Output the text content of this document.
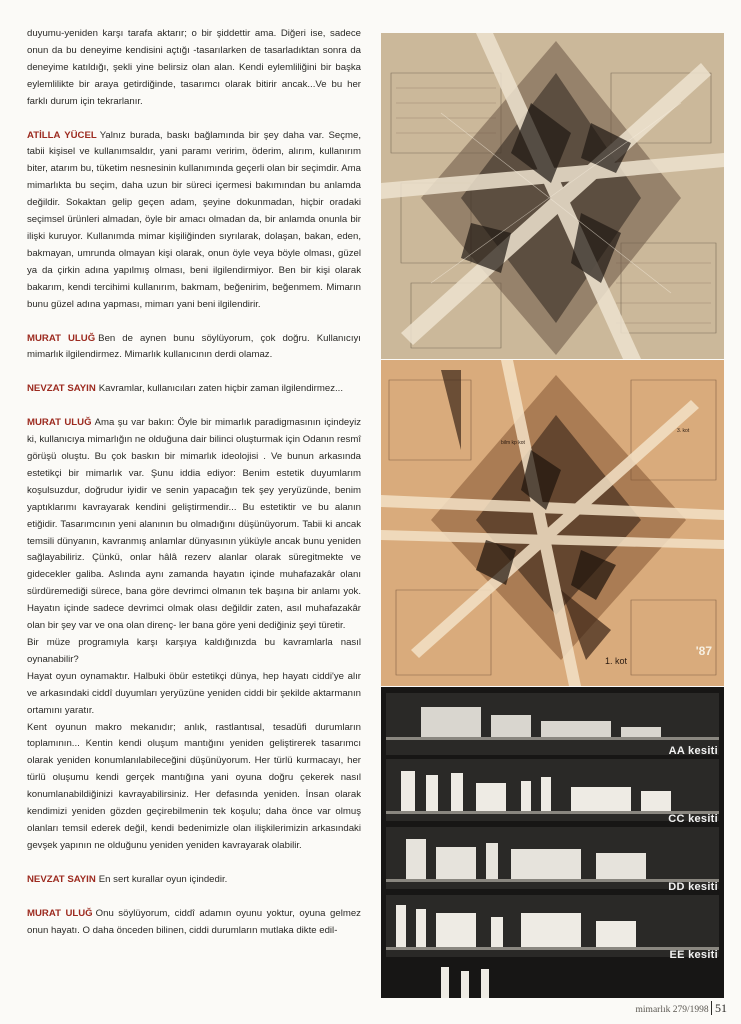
duyumu-yeniden karşı tarafa aktarır; o bir şiddettir ama. Diğeri ise, sadece onun da bu deneyime kendisini açtığı -tasarılarken de tasarladıktan sonra da deneyime katıldığı, şekli yine belirsiz olan alan. Kendi eylemliliğini bir başka eylemlilikte bir araya getirdiğinde, tasarımcı olarak bitirir ancak...Ve bu her farklı durum için tekrarlanır.

ATİLLA YÜCEL Yalnız burada, baskı bağlamında bir şey daha var. Seçme, tabii kişisel ve kullanımsaldır, yani paramı veririm, öderim, alırım, kullanırım biter, atarım bu, tüketim nesnesinin kullanımında geçerli olan bir seçimdir. Ama mimarlıkta bu seçim, daha uzun bir süreci içermesi bakımından bu anlamda değildir. Sokaktan gelip geçen adam, şeyine dokunmadan, hiçbir oradaki seçimsel ürünleri almadan, öyle bir amacı olmadan da, bir anlamda onunla bir ilişki kuruyor. Kullanımda mimar kişiliğinden sıyrılarak, dolaşan, bakan, eden, bakmayan, umrunda olmayan kişi olarak, onun öyle veya böyle olması, güzel ya da çirkin adına yapılmış olması, beni ilgilendirmiyor. Ben bir kişi olarak bakarım, kendi tercihimi kullanırım, bakmam, beğenirim, beğenmem. Mimarın bunu güzel adına yapması, mimarı yani beni ilgilendirir.

MURAT ULUĞ Ben de aynen bunu söylüyorum, çok doğru. Kullanıcıyı mimarlık ilgilendirmez. Mimarlık kullanıcının derdi olamaz.

NEVZAT SAYIN Kavramlar, kullanıcıları zaten hiçbir zaman ilgilendirmez...

MURAT ULUĞ Ama şu var bakın: Öyle bir mimarlık paradigmasının içindeyiz ki, kullanıcıya mimarlığın ne olduğuna dair bilinci oluşturmak için Odanın resmî görüşü oluştu. Bu çok baskın bir mimarlık ideolojisi . Ve bunun arkasında estetikçi bir mimarlık var. Şunu iddia ediyor: Benim estetik duyumlarım koşulsuzdur, doğrudur iyidir ve senin yapacağın tek şey yeryüzünde, benim yaptıklarımı kavrayarak kendini geliştirmendir... Bu estetiktir ve bu alanın etiğidir. Tasarımcının yeni alanının bu olmadığını düşünüyorum. Tabii ki ancak temsili dünyanın, kavranmış anlamlar dünyasının yüküyle ancak bunu yeniden sağlayabiliriz. Çünkü, onlar hâlâ rezerv alanlar olarak süregitmekte ve gidecekler galiba. Aslında aynı zamanda hayatın içinde muhafazakâr olanı sürdüremediği sürece, bana göre devrimci olmanın tek başına bir anlamı yok. Hayatın içinde sadece devrimci olmak olası değildir zaten, asıl muhafazakâr olan bir şey var ve ona olan direnç- ler bana göre yeni dediğiniz şeyi türetir.

Bir müze programıyla karşı karşıya kaldığınızda bu kavramlarla nasıl oynanabilir?

Hayat oyun oynamaktır. Halbuki öbür estetikçi dünya, hep hayatı ciddi'ye alır ve arkasındaki ciddî duyumları yeryüzüne yeniden ciddi bir şekilde aktarmanın ortamını yaratır.

Kent oyunun makro mekanıdır; anlık, rastlantısal, tesadüfi durumların toplamının... Kentin kendi oluşum mantığını yeniden geliştirerek tasarımcı olarak yeniden konumlanılabileceğini düşünüyorum. Her türlü kurmacayı, her türlü oluşumu kendi gerçek mantığına yani oyuna doğru çekerek nasıl konumlanabildiğinizi kavrayabilirsiniz. Her defasında yeniden. İnsan olarak kendimizi yeniden gözden geçirebilmenin tek koşulu; daha önce var olmuş olanları temsil ederek değil, kendi bedenimizle olan ilişkilerimizin arkasındaki gevşek yapının ne olduğunu yeniden yeniden kavrayarak olabilir.

NEVZAT SAYIN En sert kurallar oyun içindedir.

MURAT ULUĞ Onu söylüyorum, ciddî adamın oyunu yoktur, oyuna gelmez onun hayatı. O daha önceden bilinen, ciddi durumların mutlaka dikte edil-

1. kot
bilm kp kot
3. kot
'87
AA kesiti
CC kesiti
DD kesiti
EE kesiti
mimarlık 279/1998 51
